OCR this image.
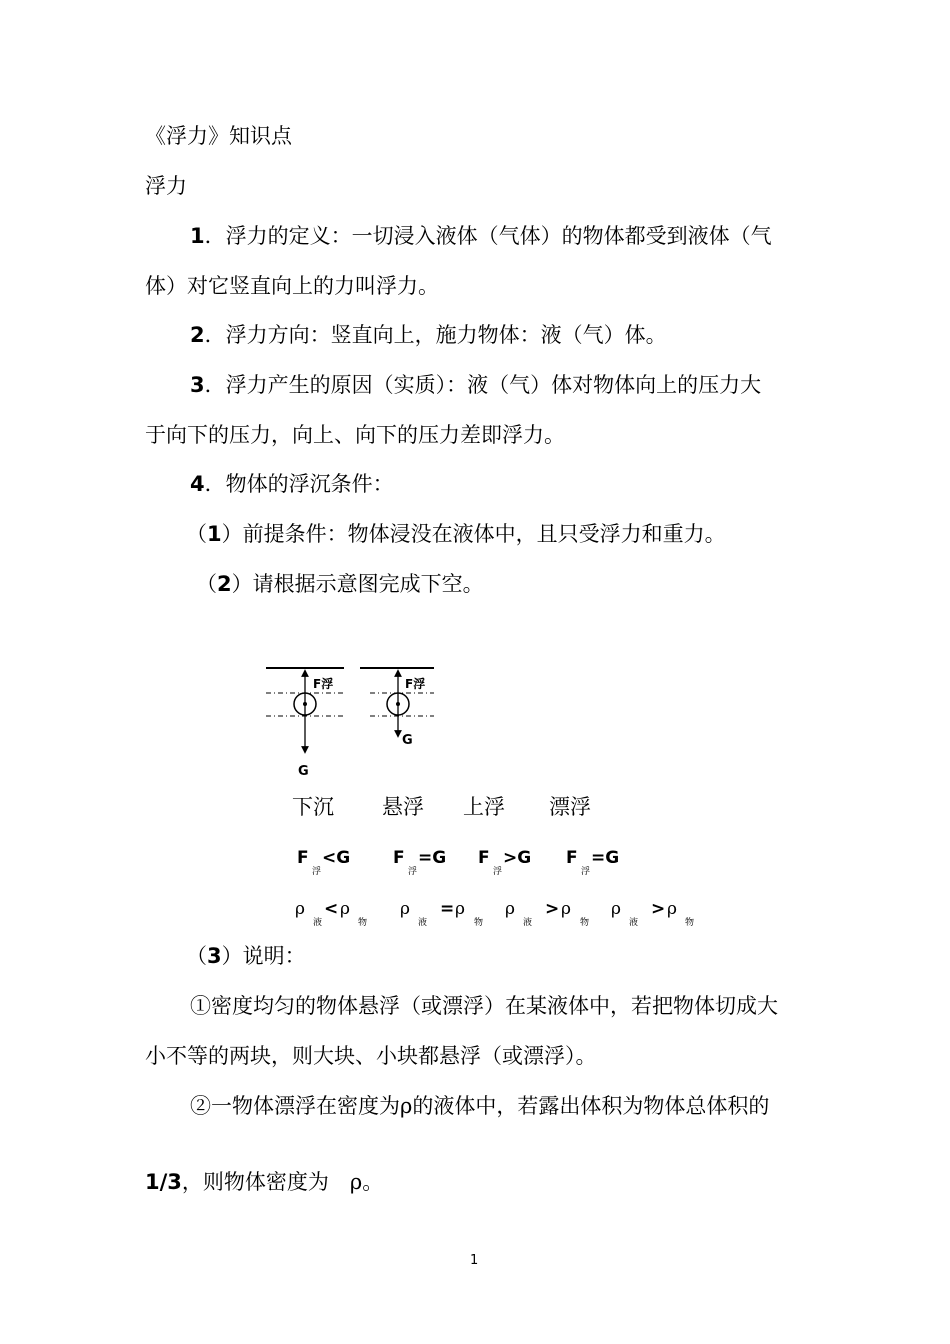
《浮力》知识点
浮力
1．浮力的定义：一切浸入液体（气体）的物体都受到液体（气
体）对它竖直向上的力叫浮力。
2．浮力方向：竖直向上，施力物体：液（气）体。
3．浮力产生的原因（实质）：液（气）体对物体向上的压力大
于向下的压力，向上、向下的压力差即浮力。
4．物体的浮沉条件：
（1）前提条件：物体浸没在液体中，且只受浮力和重力。
（2）请根据示意图完成下空。
F浮
G
F浮
G
下沉 悬浮 上浮 漂浮
F
浮
<G	F
浮
=G F
浮
>G F
浮
=G
ρ
液
< ρ
物
ρ
液
= ρ
物
ρ
液
> ρ
物
ρ
液
> ρ
物
（3）说明：
①密度均匀的物体悬浮（或漂浮）在某液体中，若把物体切成大
小不等的两块，则大块、小块都悬浮（或漂浮）。
②一物体漂浮在密度为ρ的液体中，若露出体积为物体总体积的
1/3，则物体密度为　ρ。
1
